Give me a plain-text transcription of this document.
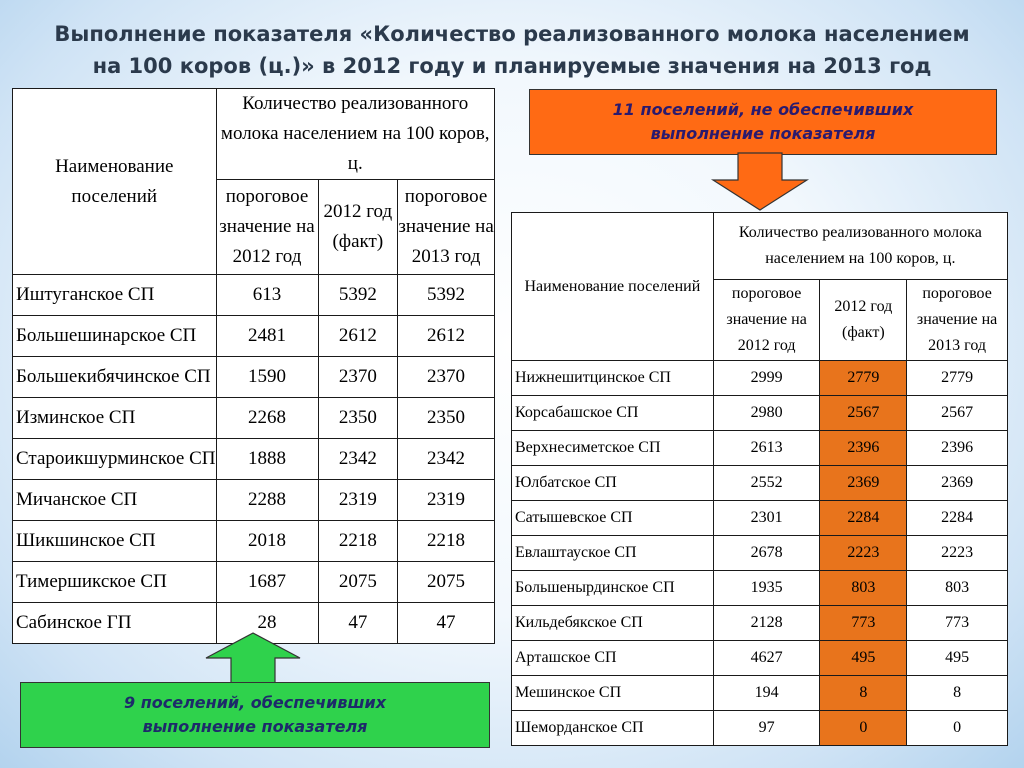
Выполнение показателя «Количество реализованного молока населением
на 100 коров (ц.)» в 2012 году и планируемые значения на 2013 год
Наименование поселений	Количество реализованного молока населением на 100 коров, ц.		
	пороговое значение на 2012 год	2012 год (факт)	пороговое значение на 2013 год
Иштуганское СП	613	5392	5392
Большешинарское СП	2481	2612	2612
Большекибячинское СП	1590	2370	2370
Изминское СП	2268	2350	2350
Староикшурминское СП	1888	2342	2342
Мичанское СП	2288	2319	2319
Шикшинское СП	2018	2218	2218
Тимершикское СП	1687	2075	2075
Сабинское ГП	28	47	47
Наименование поселений	Количество реализованного молока населением на 100 коров, ц.		
	пороговое значение на 2012 год	2012 год (факт)	пороговое значение на 2013 год
Нижнешитцинское СП	2999	2779	2779
Корсабашское СП	2980	2567	2567
Верхнесиметское СП	2613	2396	2396
Юлбатское СП	2552	2369	2369
Сатышевское СП	2301	2284	2284
Евлаштауское СП	2678	2223	2223
Большенырдинское СП	1935	803	803
Кильдебякское СП	2128	773	773
Арташское СП	4627	495	495
Мешинское СП	194	8	8
Шеморданское СП	97	0	0
11 поселений, не обеспечивших
выполнение показателя
9 поселений, обеспечивших
выполнение показателя
